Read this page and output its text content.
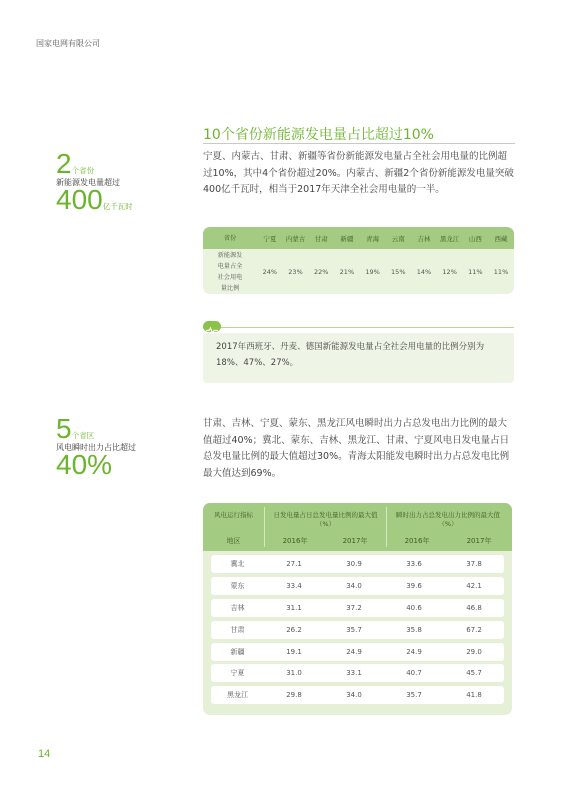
国家电网有限公司
10个省份新能源发电量占比超过10%
2个省份
新能源发电量超过
400亿千瓦时
宁夏、内蒙古、甘肃、新疆等省份新能源发电量占全社会用电量的比例超过10%，其中4个省份超过20%。内蒙古、新疆2个省份新能源发电量突破400亿千瓦时，相当于2017年天津全社会用电量的一半。
省份	宁夏	内蒙古	甘肃	新疆	青海	云南	吉林	黑龙江	山西	西藏
新能源发
电量占全
社会用电
量比例
24%	23%	22%	21%	19%	15%	14%	12%	11%	11%
2017年西班牙、丹麦、德国新能源发电量占全社会用电量的比例分别为18%、47%、27%。
5个省区
风电瞬时出力占比超过
40%
甘肃、吉林、宁夏、蒙东、黑龙江风电瞬时出力占总发电出力比例的最大值超过40%；冀北、蒙东、吉林、黑龙江、甘肃、宁夏风电日发电量占日总发电量比例的最大值超过30%。青海太阳能发电瞬时出力占总发电比例最大值达到69%。
风电运行指标	日发电量占日总发电量比例的最大值
（%）
瞬时出力占总发电出力比例的最大值
（%）
地区	2016年	2017年	2016年	2017年
冀北	27.1	30.9	33.6	37.8
蒙东	33.4	34.0	39.6	42.1
吉林	31.1	37.2	40.6	46.8
甘肃	26.2	35.7	35.8	67.2
新疆	19.1	24.9	24.9	29.0
宁夏	31.0	33.1	40.7	45.7
黑龙江	29.8	34.0	35.7	41.8
14
